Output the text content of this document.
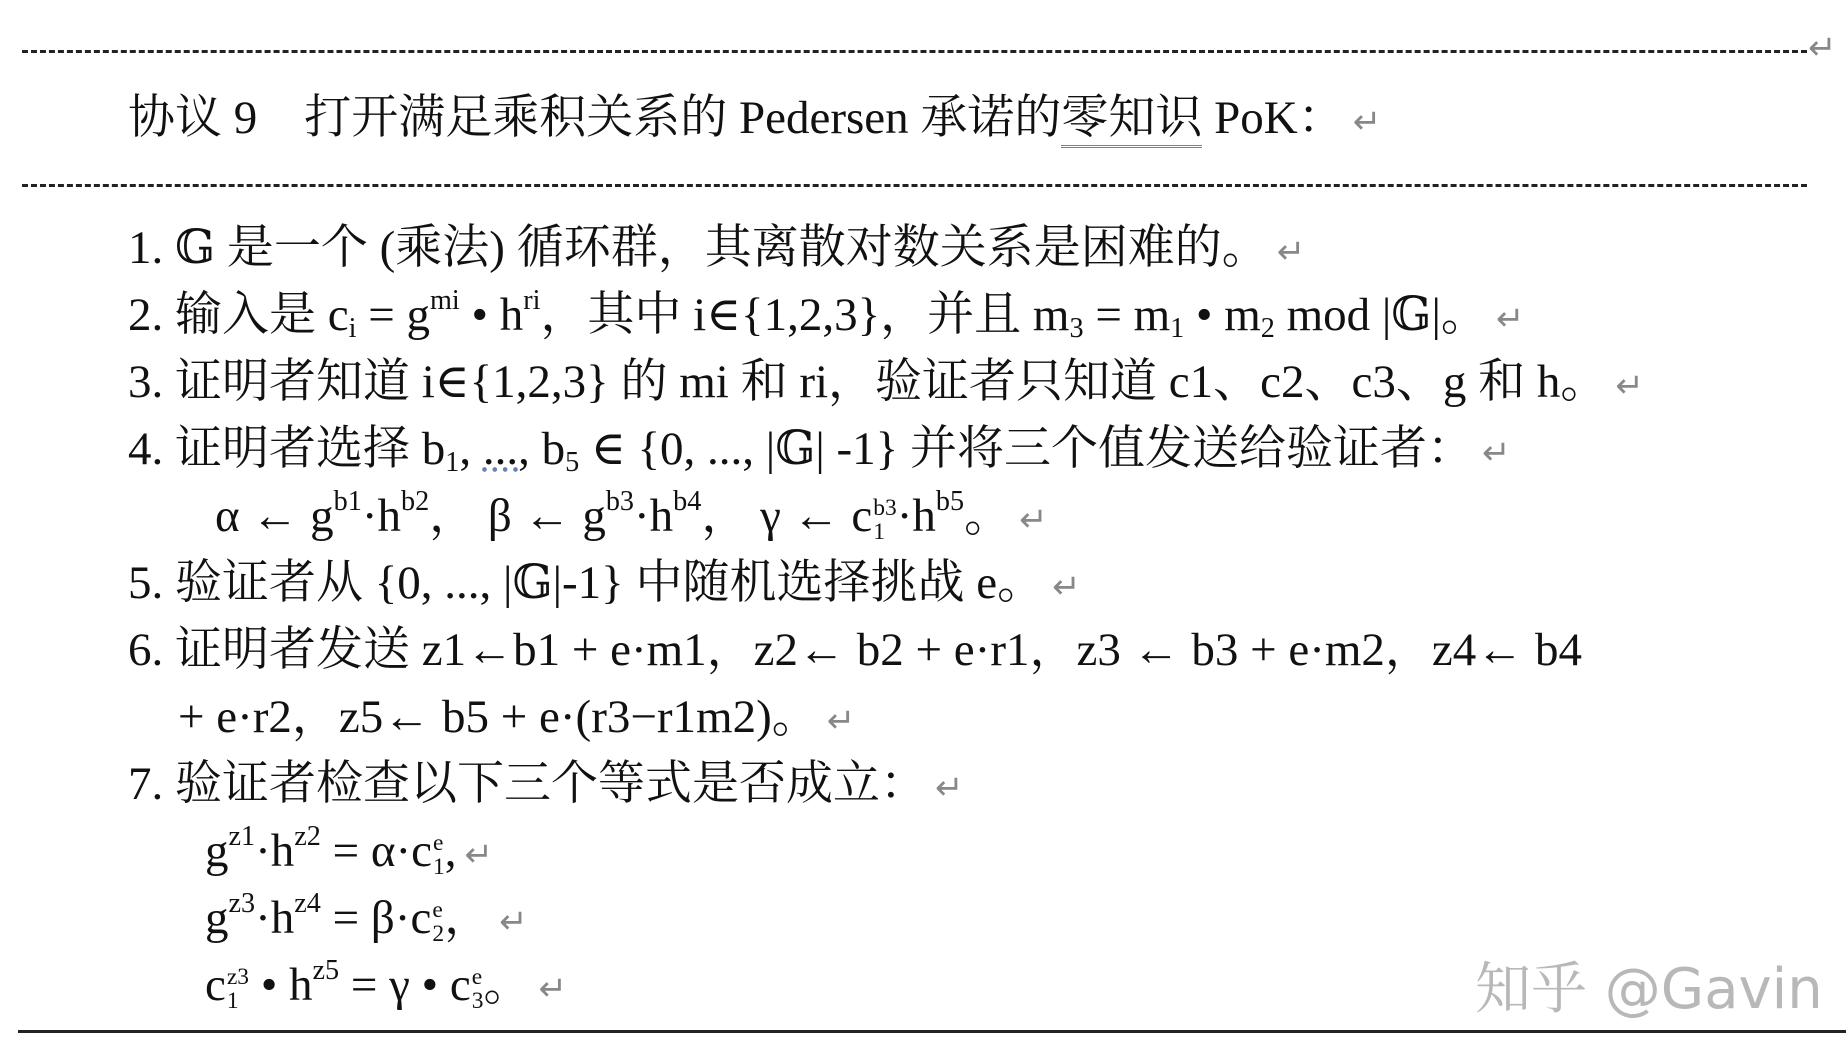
↵
协议 9　打开满足乘积关系的 Pedersen 承诺的零知识 PoK： ↵
1. 𝔾 是一个 (乘法) 循环群，其离散对数关系是困难的。 ↵
2. 输入是 $c_i = g^{mi}$ • $h^{ri}$，其中 i∈{1,2,3}，并且 $m_3 = m_1$ • $m_2$ mod |𝔾|。 ↵
3. 证明者知道 i∈{1,2,3} 的 mi 和 ri，验证者只知道 c1、c2、c3、g 和 h。 ↵
4. 证明者选择 $b_1$, ..., $b_5$ ∈ {0, ..., |𝔾| -1} 并将三个值发送给验证者： ↵
α ← $g^{b1}\cdot h^{b2}$， β ← $g^{b3}\cdot h^{b4}$， γ ← c b3
$1 \cdot h^{b5}$。 ↵
5. 验证者从 {0, ..., |𝔾|-1} 中随机选择挑战 e。 ↵
6. 证明者发送 z1←b1 + e·m1，z2← b2 + e·r1，z3 ← b3 + e·m2，z4← b4
+ e·r2，z5← b5 + e·(r3−r1m2)。 ↵
7. 验证者检查以下三个等式是否成立： ↵
$g^{z1}\cdot h^{z2} = \alpha\cdot c$ e
1 , ↵
$g^{z3}\cdot h^{z4} = \beta\cdot c$ e
2 ， ↵
c z3
1 • $h^{z5} = \gamma$ • c e
3 。 ↵	知乎 @Gavin
